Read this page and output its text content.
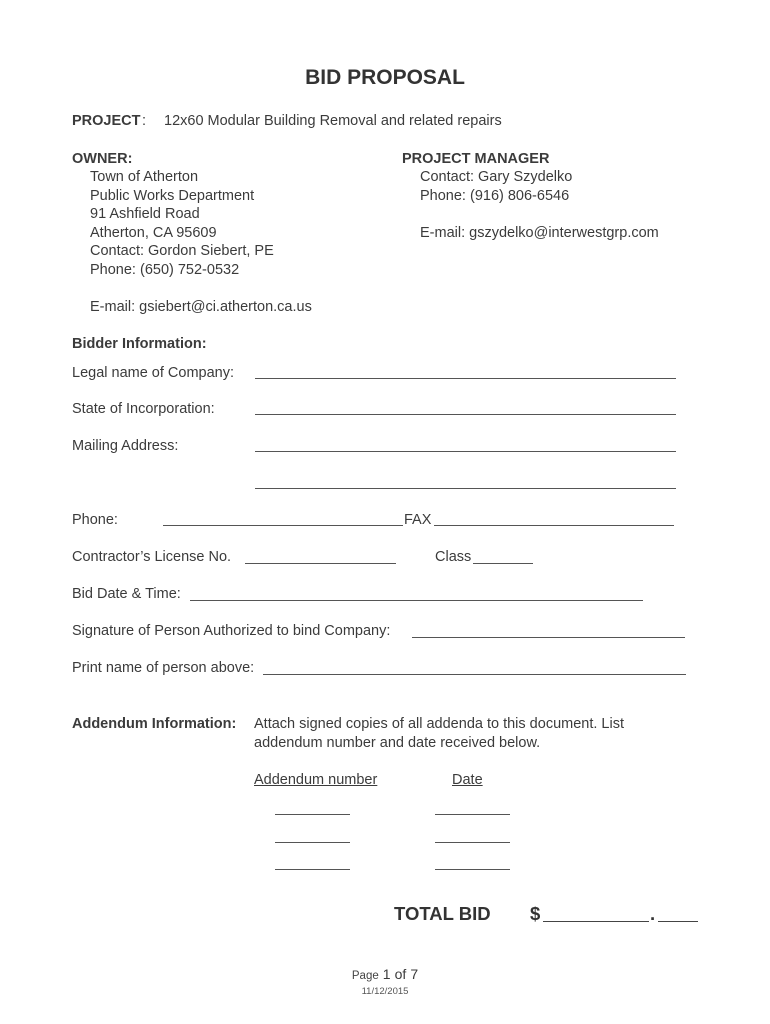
BID PROPOSAL
PROJECT : 12x60 Modular Building Removal and related repairs
OWNER:
Town of Atherton
Public Works Department
91 Ashfield Road
Atherton, CA 95609
Contact: Gordon Siebert, PE
Phone: (650) 752-0532
E-mail: gsiebert@ci.atherton.ca.us
PROJECT MANAGER
Contact: Gary Szydelko
Phone: (916) 806-6546
E-mail: gszydelko@interwestgrp.com
Bidder Information:
Legal name of Company:
State of Incorporation:
Mailing Address:
Phone:	FAX
Contractor’s License No.	Class
Bid Date & Time:
Signature of Person Authorized to bind Company:
Print name of person above:
Addendum Information: Attach signed copies of all addenda to this document. List
addendum number and date received below.
Addendum number	Date
TOTAL BID $	.
Page 1 of 7
11/12/2015
